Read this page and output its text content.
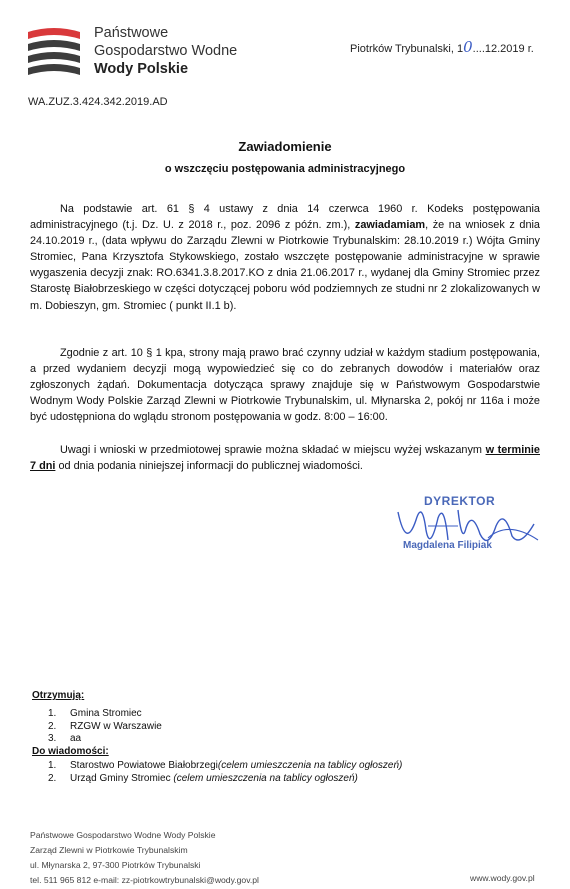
Państwowe
Gospodarstwo Wodne
Wody Polskie
Piotrków Trybunalski, 10....12.2019 r.
WA.ZUZ.3.424.342.2019.AD
Zawiadomienie
o wszczęciu postępowania administracyjnego
Na podstawie art. 61 § 4 ustawy z dnia 14 czerwca 1960 r. Kodeks postępowania administracyjnego (t.j. Dz. U. z 2018 r., poz. 2096 z późn. zm.), zawiadamiam, że na wniosek z dnia 24.10.2019 r., (data wpływu do Zarządu Zlewni w Piotrkowie Trybunalskim: 28.10.2019 r.) Wójta Gminy Stromiec, Pana Krzysztofa Stykowskiego, zostało wszczęte postępowanie administracyjne w sprawie wygaszenia decyzji znak: RO.6341.3.8.2017.KO z dnia 21.06.2017 r., wydanej dla Gminy Stromiec przez Starostę Białobrzeskiego w części dotyczącej poboru wód podziemnych ze studni nr 2 zlokalizowanych w m. Dobieszyn, gm. Stromiec ( punkt II.1 b).
Zgodnie z art. 10 § 1 kpa, strony mają prawo brać czynny udział w każdym stadium postępowania, a przed wydaniem decyzji mogą wypowiedzieć się co do zebranych dowodów i materiałów oraz zgłoszonych żądań. Dokumentacja dotycząca sprawy znajduje się w Państwowym Gospodarstwie Wodnym Wody Polskie Zarząd Zlewni w Piotrkowie Trybunalskim, ul. Młynarska 2, pokój nr 116a i może być udostępniona do wglądu stronom postępowania w godz. 8:00 – 16:00.
Uwagi i wnioski w przedmiotowej sprawie można składać w miejscu wyżej wskazanym w terminie 7 dni od dnia podania niniejszej informacji do publicznej wiadomości.
DYREKTOR
Magdalena Filipiak
Otrzymują:
1. Gmina Stromiec
2. RZGW w Warszawie
3. aa
Do wiadomości:
1. Starostwo Powiatowe Białobrzegi(celem umieszczenia na tablicy ogłoszeń)
2. Urząd Gminy Stromiec (celem umieszczenia na tablicy ogłoszeń)
Państwowe Gospodarstwo Wodne Wody Polskie
Zarząd Zlewni w Piotrkowie Trybunalskim
ul. Młynarska 2, 97-300 Piotrków Trybunalski
tel. 511 965 812 e-mail: zz-piotrkowtrybunalski@wody.gov.pl	www.wody.gov.pl
